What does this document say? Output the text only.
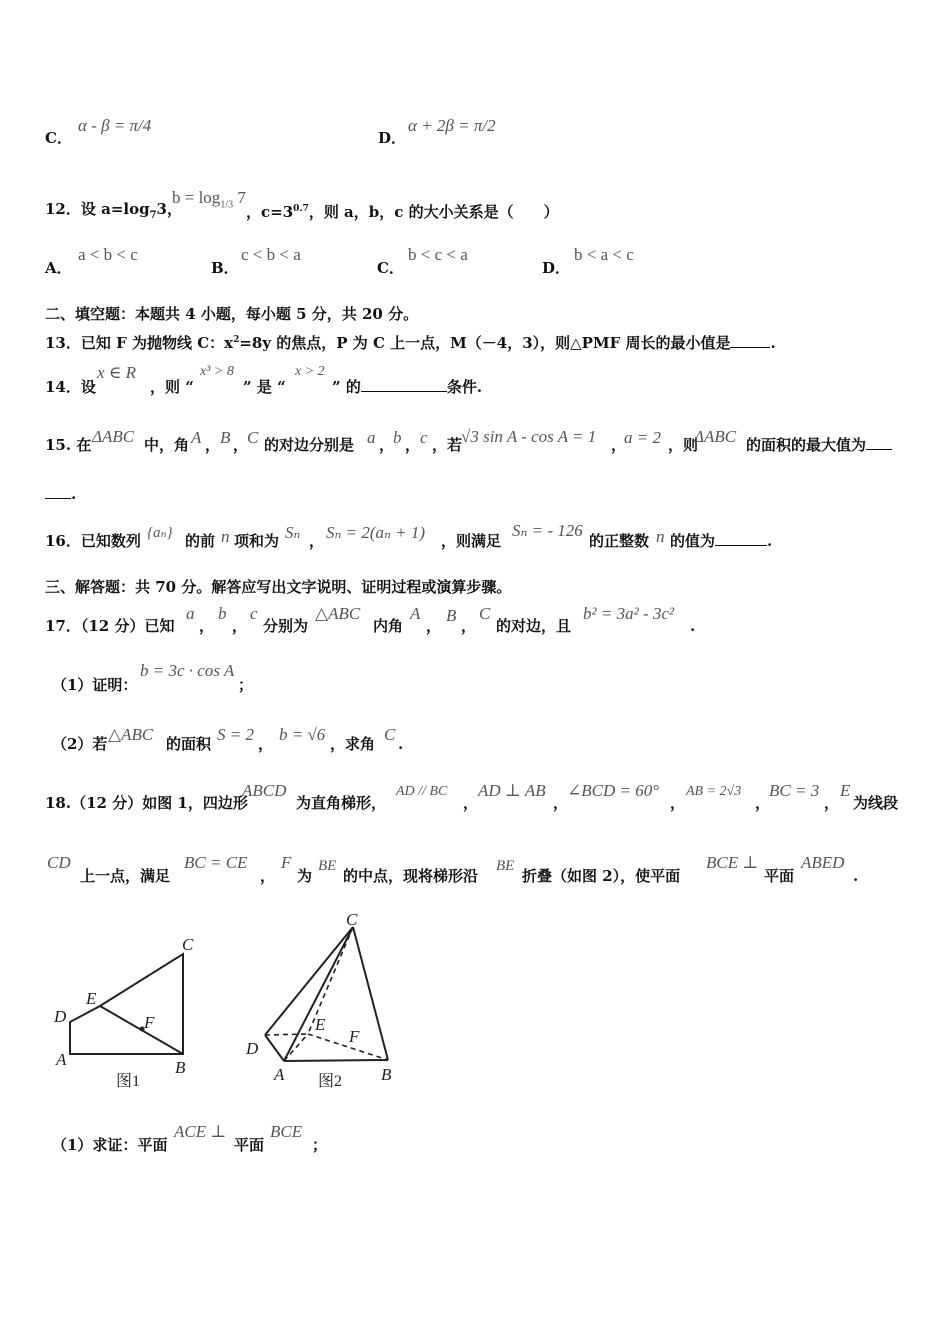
C．
α - β = π/4
D．
α + 2β = π/2
12．设 $a=\log_73$，
$b = \log_{1/3} 7$
，$c=3^{0.7}$，则 a，b，c 的大小关系是（　　）
A．
a < b < c
B．
c < b < a
C．
b < c < a
D．
b < a < c
二、填空题：本题共 4 小题，每小题 5 分，共 20 分。
13．已知 F 为抛物线 C：$x^2=8y$ 的焦点，P 为 C 上一点，M（－4，3），则△PMF 周长的最小值是	.
14．设
x ∈ R
，则 “
x³ > 8
” 是 “
x > 2
” 的	条件.
15. 在 ΔABC 中，角 A ， B ，
C 的对边分别是 a ，
b ， c ，若
√3 sin A - cos A = 1 ，
a = 2 ，则
ΔABC 的面积的最大值为
.
16．已知数列 {aₙ} 的前 n 项和为 Sₙ ， Sₙ = 2(aₙ + 1) ，则满足
Sₙ = - 126
的正整数 n 的值为	.
三、解答题：共 70 分。解答应写出文字说明、证明过程或演算步骤。
17．（12 分）已知
a
，
b
，
c
分别为
△ABC
内角
A
，
B
，
C
的对边，且
b² = 3a² - 3c²
.
（1）证明：
b = 3c · cos A
；
（2）若 △ABC 的面积 S = 2 ， b = √6 ，求角 C .
18.（12 分）如图 1，四边形
ABCD
为直角梯形，
AD // BC
，
AD ⊥ AB
，
∠BCD = 60°
，
AB = 2√3
，
BC = 3
，
E
为线段
CD
上一点，满足
BC = CE
，
F
为
BE
的中点，现将梯形沿
BE
折叠（如图 2），使平面
BCE ⊥
平面
ABED
.
C
E
D	F
A	B
图1
C
E
F
D
A	B
图2
（1）求证：平面
ACE ⊥
平面
BCE
；
